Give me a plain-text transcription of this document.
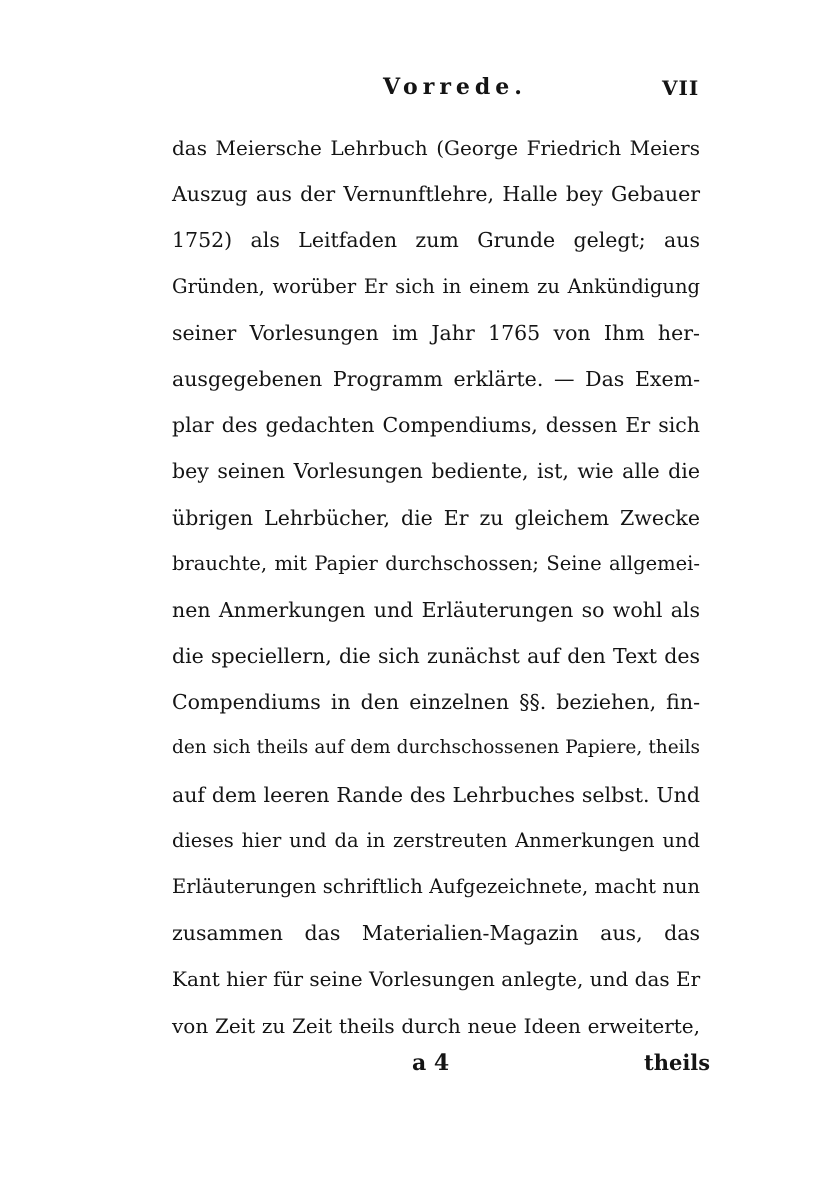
Vorrede.	VII
das Meiersche Lehrbuch (George Friedrich Meiers
Auszug aus der Vernunftlehre, Halle bey Gebauer
1752) als Leitfaden zum Grunde gelegt; aus
Gründen, worüber Er sich in einem zu Ankündigung
seiner Vorlesungen im Jahr 1765 von Ihm her-
ausgegebenen Programm erklärte. — Das Exem-
plar des gedachten Compendiums, dessen Er sich
bey seinen Vorlesungen bediente, ist, wie alle die
übrigen Lehrbücher, die Er zu gleichem Zwecke
brauchte, mit Papier durchschossen; Seine allgemei-
nen Anmerkungen und Erläuterungen so wohl als
die speciellern, die sich zunächst auf den Text des
Compendiums in den einzelnen §§. beziehen, fin-
den sich theils auf dem durchschossenen Papiere, theils
auf dem leeren Rande des Lehrbuches selbst. Und
dieses hier und da in zerstreuten Anmerkungen und
Erläuterungen schriftlich Aufgezeichnete, macht nun
zusammen das Materialien-Magazin aus, das
Kant hier für seine Vorlesungen anlegte, und das Er
von Zeit zu Zeit theils durch neue Ideen erweiterte,
a 4	theils
